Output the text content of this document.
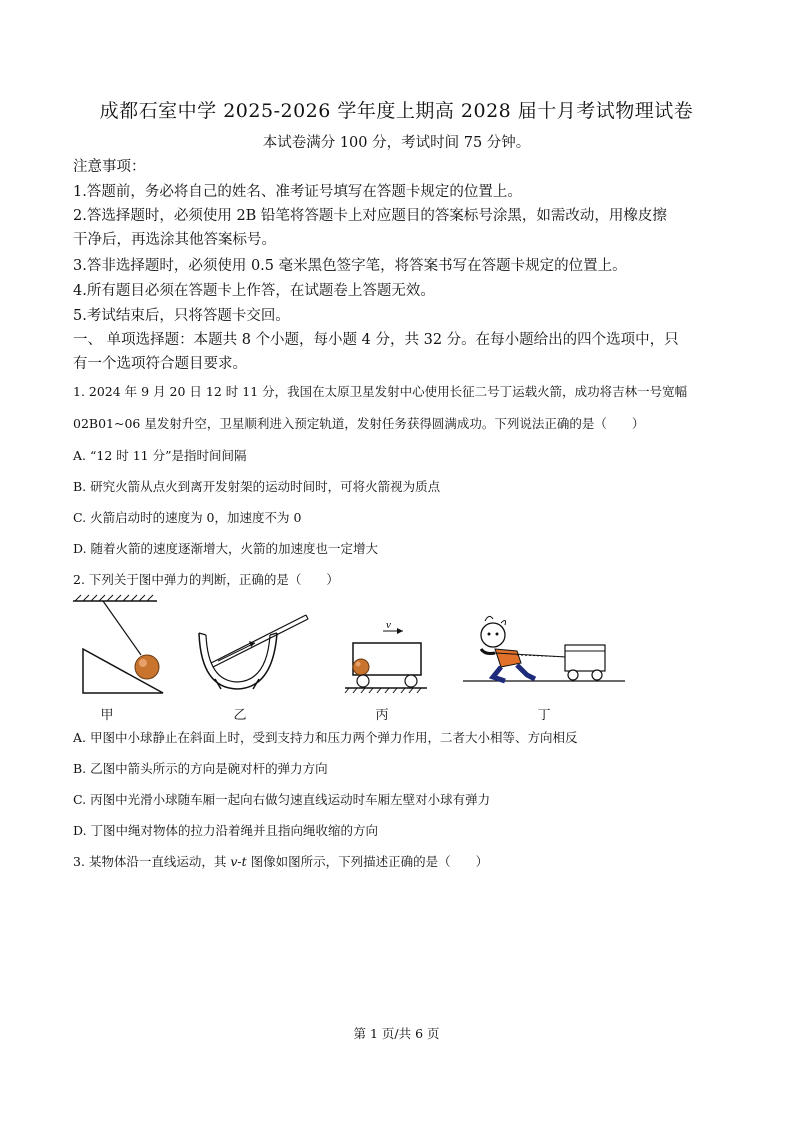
成都石室中学 2025-2026 学年度上期高 2028 届十月考试物理试卷
本试卷满分 100 分，考试时间 75 分钟。
注意事项：
1.答题前，务必将自己的姓名、准考证号填写在答题卡规定的位置上。
2.答选择题时，必须使用 2B 铅笔将答题卡上对应题目的答案标号涂黑，如需改动，用橡皮擦
干净后，再选涂其他答案标号。
3.答非选择题时，必须使用 0.5 毫米黑色签字笔，将答案书写在答题卡规定的位置上。
4.所有题目必须在答题卡上作答，在试题卷上答题无效。
5.考试结束后，只将答题卡交回。
一、 单项选择题：本题共 8 个小题，每小题 4 分，共 32 分。在每小题给出的四个选项中，只
有一个选项符合题目要求。
1. 2024 年 9 月 20 日 12 时 11 分，我国在太原卫星发射中心使用长征二号丁运载火箭，成功将吉林一号宽幅
02B01~06 星发射升空，卫星顺利进入预定轨道，发射任务获得圆满成功。下列说法正确的是（　　）
A. “12 时 11 分”是指时间间隔
B. 研究火箭从点火到离开发射架的运动时间时，可将火箭视为质点
C. 火箭启动时的速度为 0，加速度不为 0
D. 随着火箭的速度逐渐增大，火箭的加速度也一定增大
2. 下列关于图中弹力的判断，正确的是（　　）
v
甲	乙	丙	丁
A. 甲图中小球静止在斜面上时，受到支持力和压力两个弹力作用，二者大小相等、方向相反
B. 乙图中箭头所示的方向是碗对杆的弹力方向
C. 丙图中光滑小球随车厢一起向右做匀速直线运动时车厢左壁对小球有弹力
D. 丁图中绳对物体的拉力沿着绳并且指向绳收缩的方向
3. 某物体沿一直线运动，其 v-t 图像如图所示，下列描述正确的是（　　）
第 1 页/共 6 页
